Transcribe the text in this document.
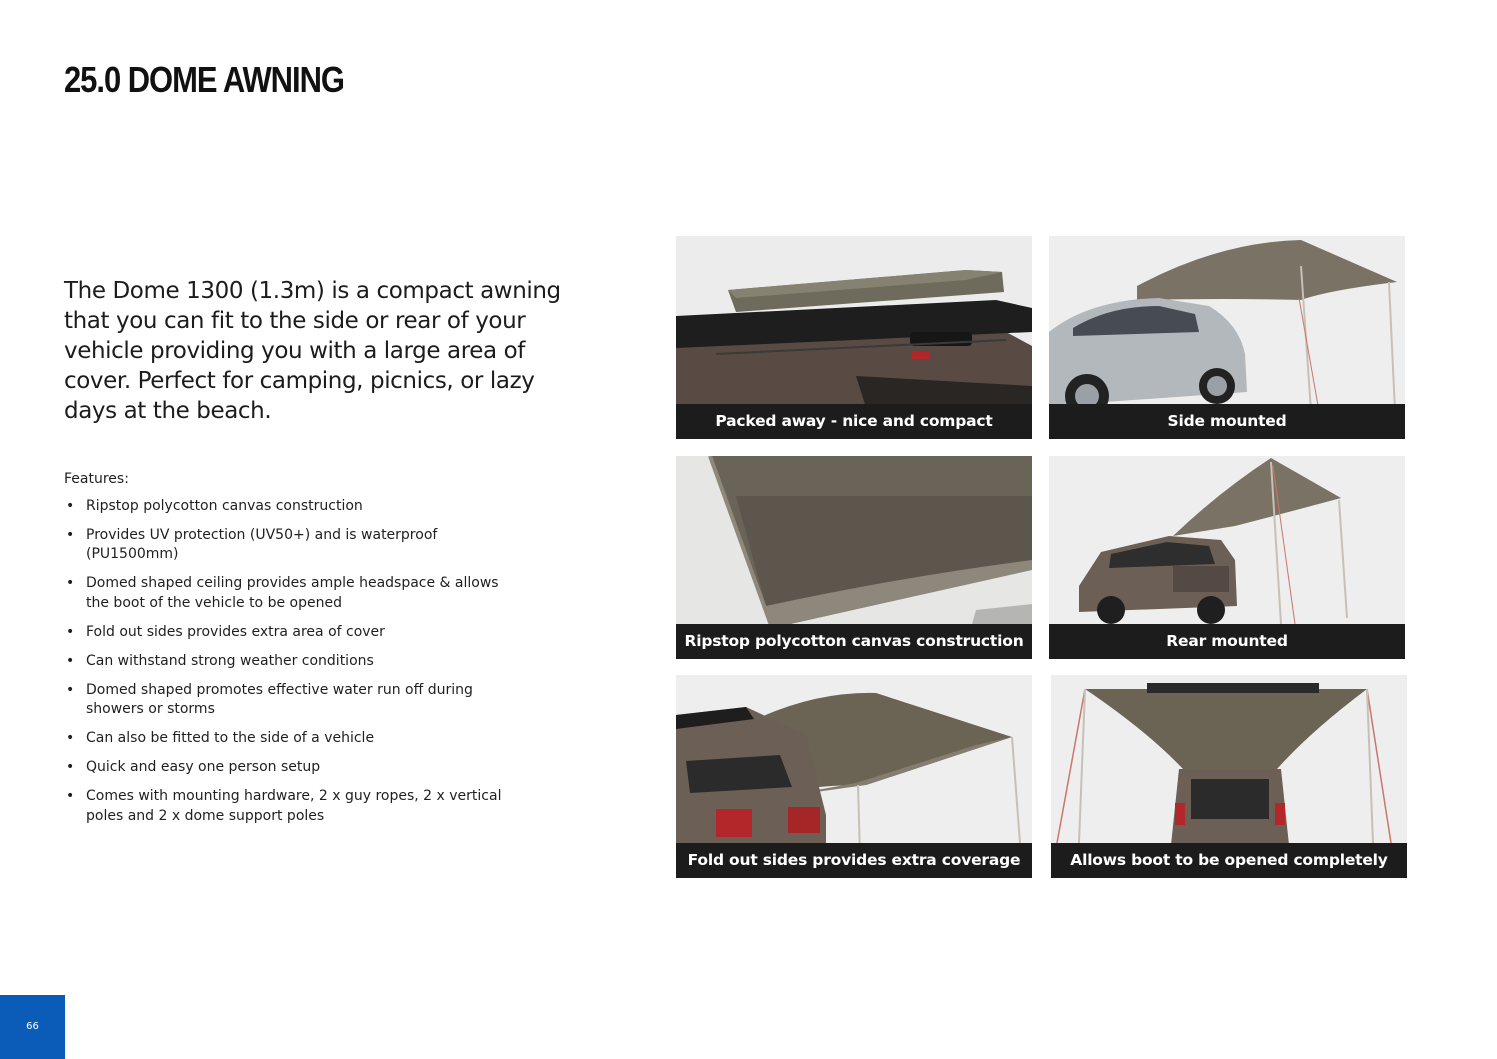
25.0 DOME AWNING

The Dome 1300 (1.3m) is a compact awning that you can fit to the side or rear of your vehicle providing you with a large area of cover. Perfect for camping, picnics, or lazy days at the beach.

Features:

• Ripstop polycotton canvas construction
• Provides UV protection (UV50+) and is waterproof (PU1500mm)
• Domed shaped ceiling provides ample headspace & allows the boot of the vehicle to be opened
• Fold out sides provides extra area of cover
• Can withstand strong weather conditions
• Domed shaped promotes effective water run off during showers or storms
• Can also be fitted to the side of a vehicle
• Quick and easy one person setup
• Comes with mounting hardware, 2 x guy ropes, 2 x vertical poles and 2 x dome support poles
Packed away - nice and compact	Side mounted
Ripstop polycotton canvas construction	Rear mounted
Fold out sides provides extra coverage	Allows boot to be opened completely
66
